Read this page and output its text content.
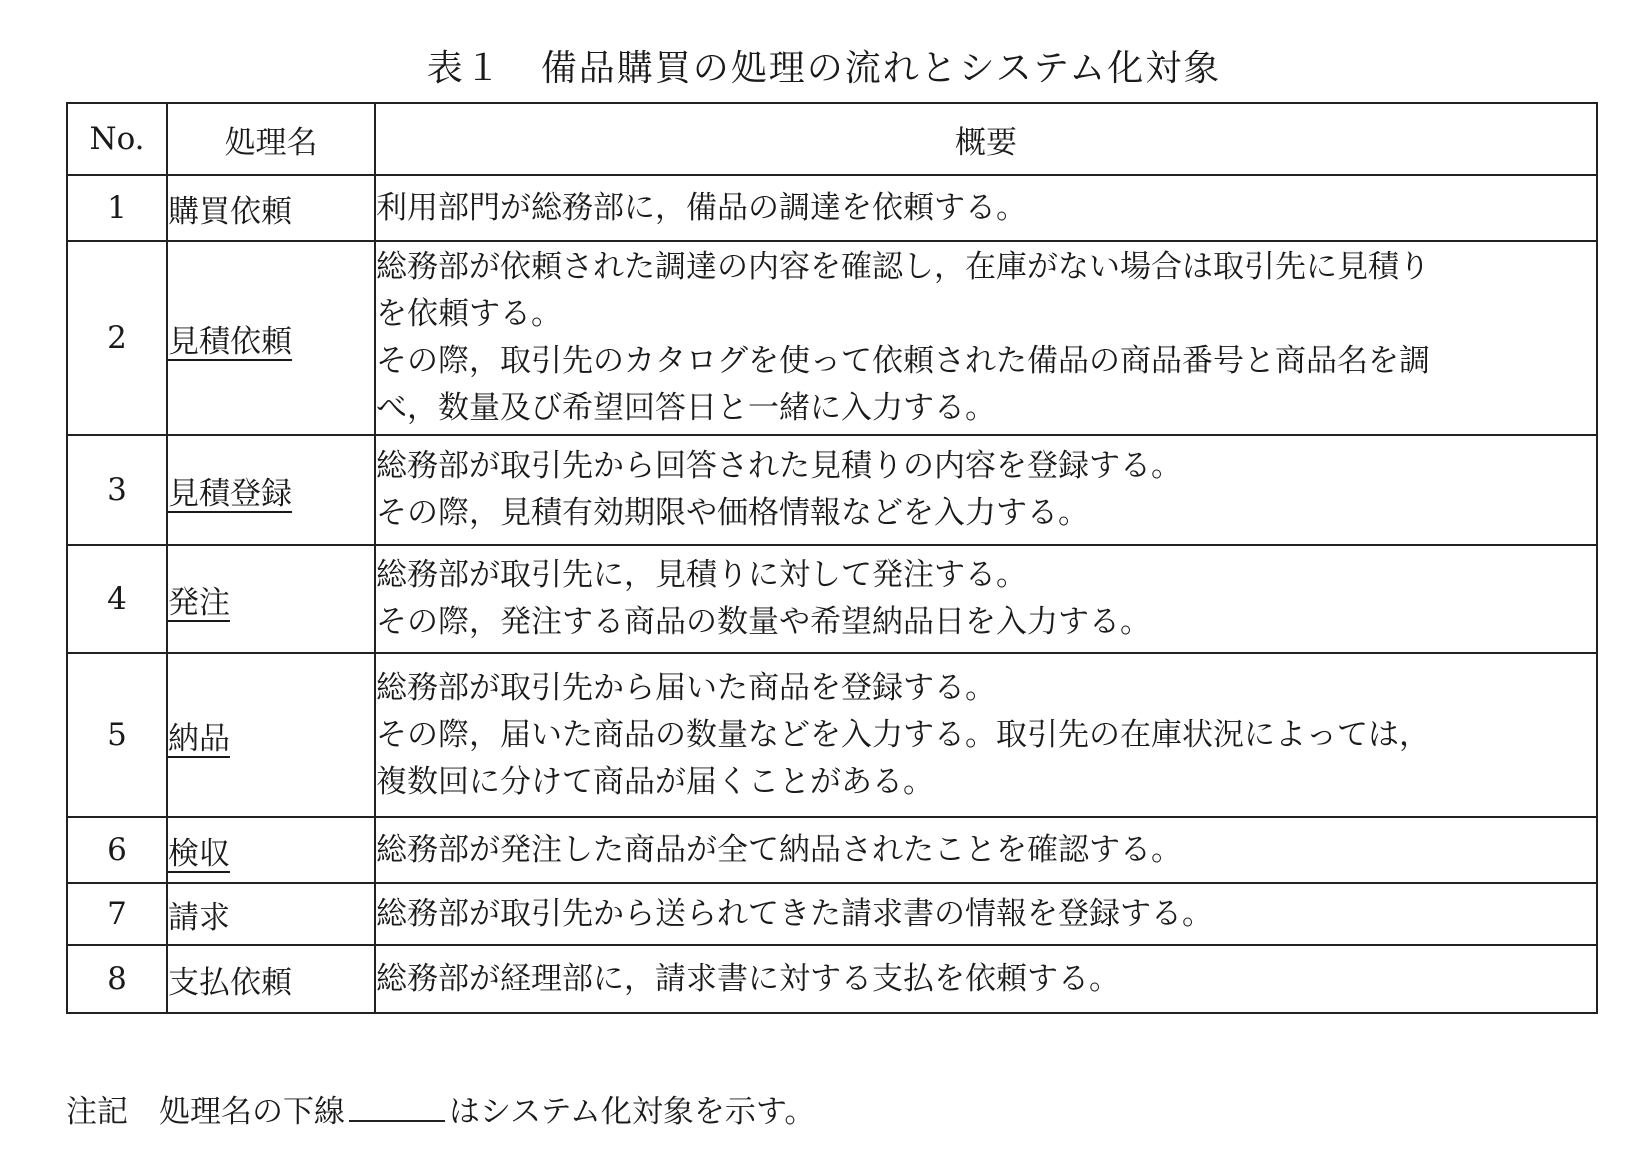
表１　備品購買の処理の流れとシステム化対象
No.	処理名	概要
1	購買依頼	利用部門が総務部に，備品の調達を依頼する。

2	見積依頼	総務部が依頼された調達の内容を確認し，在庫がない場合は取引先に見積り
を依頼する。
その際，取引先のカタログを使って依頼された備品の商品番号と商品名を調
べ，数量及び希望回答日と一緒に入力する。

3	見積登録	総務部が取引先から回答された見積りの内容を登録する。
その際，見積有効期限や価格情報などを入力する。

4	発注	総務部が取引先に，見積りに対して発注する。
その際，発注する商品の数量や希望納品日を入力する。

5	納品	総務部が取引先から届いた商品を登録する。
その際，届いた商品の数量などを入力する。取引先の在庫状況によっては，
複数回に分けて商品が届くことがある。

6	検収	総務部が発注した商品が全て納品されたことを確認する。

7	請求	総務部が取引先から送られてきた請求書の情報を登録する。

8	支払依頼	総務部が経理部に，請求書に対する支払を依頼する。
注記　 処理名の下線	はシステム化対象を示す。
